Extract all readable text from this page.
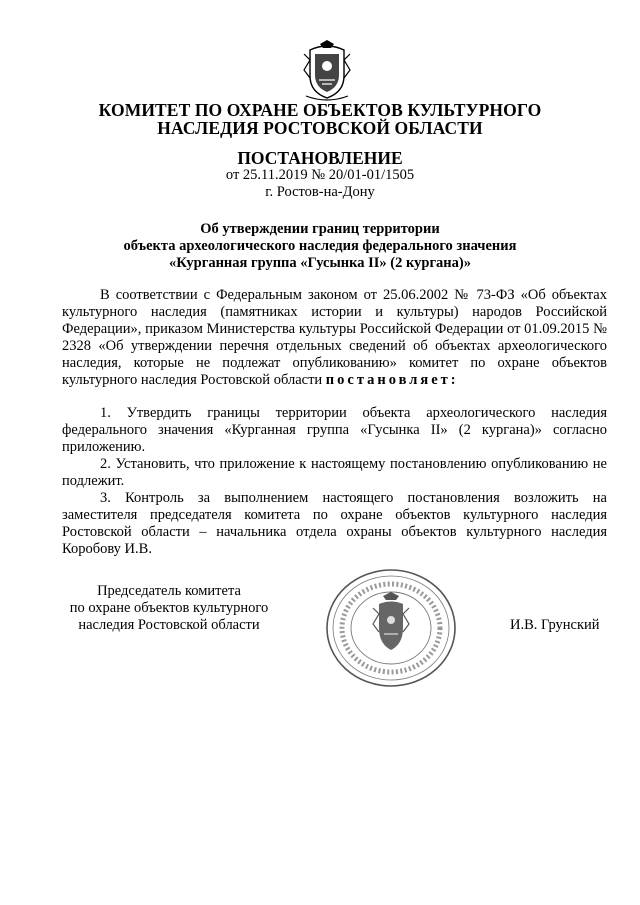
КОМИТЕТ ПО ОХРАНЕ ОБЪЕКТОВ КУЛЬТУРНОГО
НАСЛЕДИЯ РОСТОВСКОЙ ОБЛАСТИ
ПОСТАНОВЛЕНИЕ
от 25.11.2019 № 20/01-01/1505
г. Ростов-на-Дону
Об утверждении границ территории
объекта археологического наследия федерального значения
«Курганная группа «Гусынка II» (2 кургана)»

В соответствии с Федеральным законом от 25.06.2002 № 73-ФЗ «Об объектах культурного наследия (памятниках истории и культуры) народов Российской Федерации», приказом Министерства культуры Российской Федерации от 01.09.2015 № 2328 «Об утверждении перечня отдельных сведений об объектах археологического наследия, которые не подлежат опубликованию» комитет по охране объектов культурного наследия Ростовской области постановляет:

1. Утвердить границы территории объекта археологического наследия федерального значения «Курганная группа «Гусынка II» (2 кургана)» согласно приложению.

2. Установить, что приложение к настоящему постановлению опубликованию не подлежит.

3. Контроль за выполнением настоящего постановления возложить на заместителя председателя комитета по охране объектов культурного наследия Ростовской области – начальника отдела охраны объектов культурного наследия Коробову И.В.

Председатель комитета
по охране объектов культурного
наследия Ростовской области	И.В. Грунский
